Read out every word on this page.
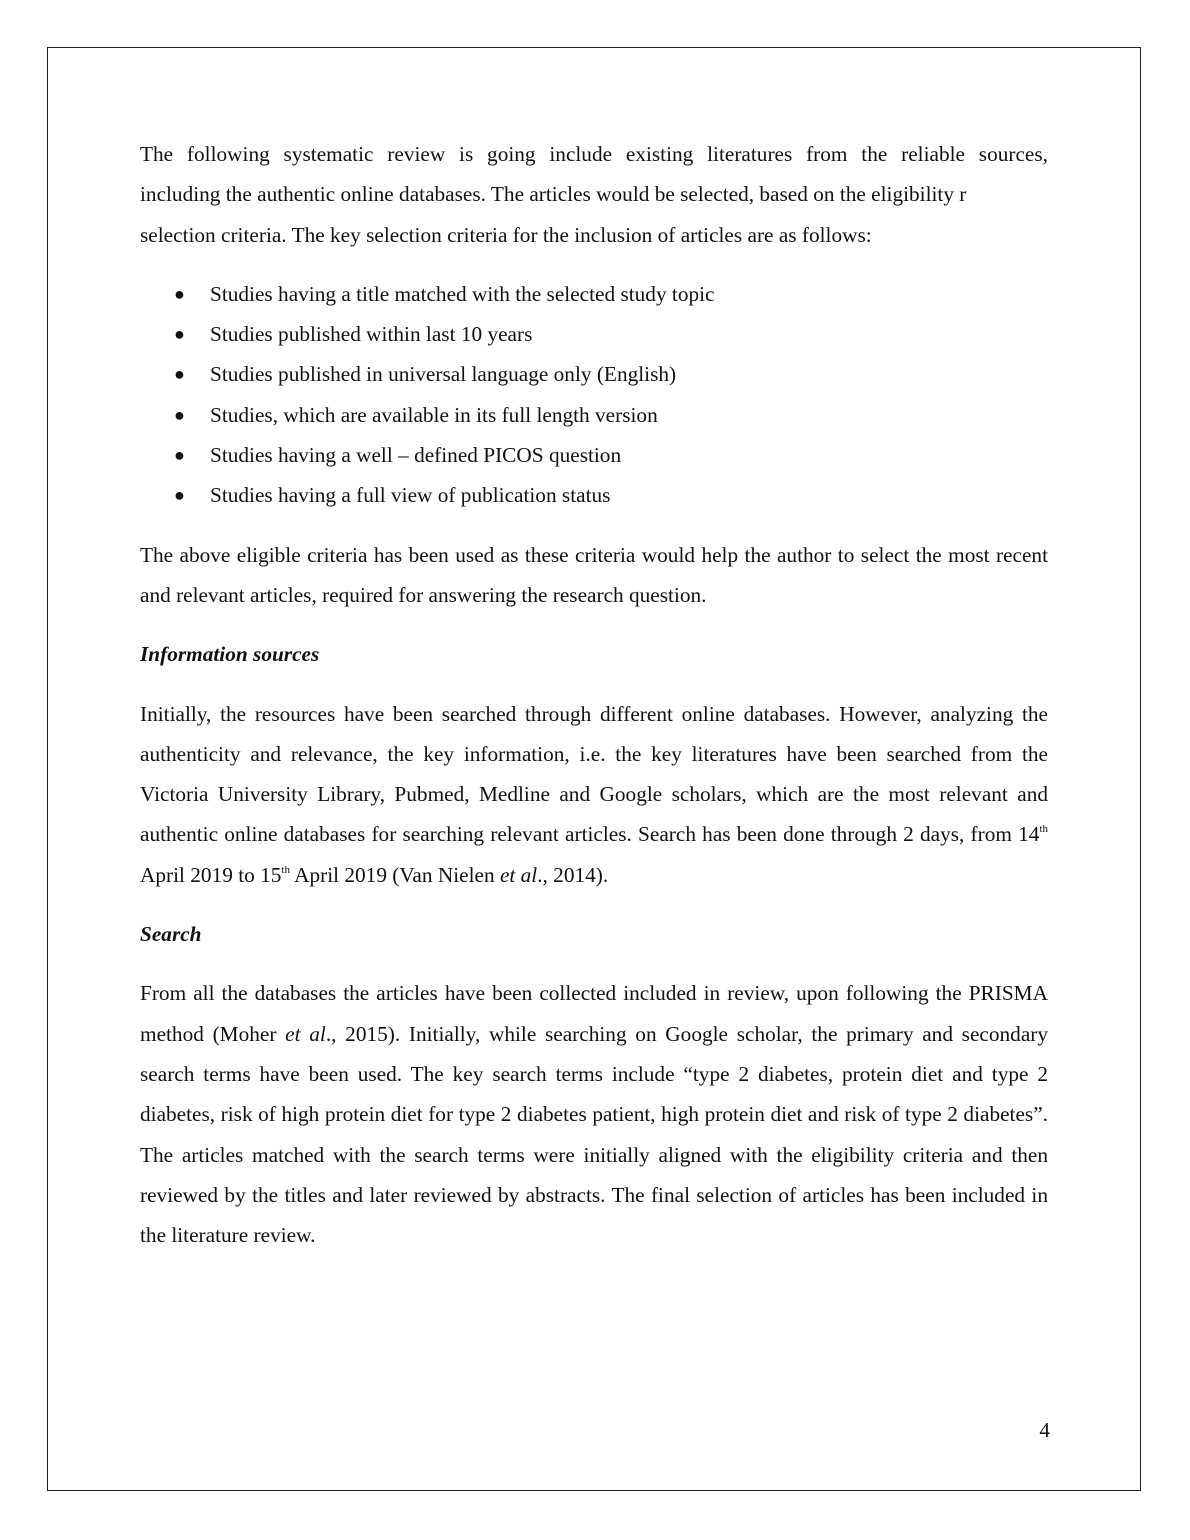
The following systematic review is going include existing literatures from the reliable sources,
including the authentic online databases. The articles would be selected, based on the eligibility r
selection criteria. The key selection criteria for the inclusion of articles are as follows:

● Studies having a title matched with the selected study topic
● Studies published within last 10 years
● Studies published in universal language only (English)
● Studies, which are available in its full length version
● Studies having a well – defined PICOS question
● Studies having a full view of publication status

The above eligible criteria has been used as these criteria would help the author to select the most recent and relevant articles, required for answering the research question.

Information sources

Initially, the resources have been searched through different online databases. However, analyzing the authenticity and relevance, the key information, i.e. the key literatures have been searched from the Victoria University Library, Pubmed, Medline and Google scholars, which are the most relevant and authentic online databases for searching relevant articles. Search has been done through 2 days, from 14th April 2019 to 15th April 2019 (Van Nielen et al., 2014).

Search

From all the databases the articles have been collected included in review, upon following the PRISMA method (Moher et al., 2015). Initially, while searching on Google scholar, the primary and secondary search terms have been used. The key search terms include “type 2 diabetes, protein diet and type 2 diabetes, risk of high protein diet for type 2 diabetes patient, high protein diet and risk of type 2 diabetes”. The articles matched with the search terms were initially aligned with the eligibility criteria and then reviewed by the titles and later reviewed by abstracts. The final selection of articles has been included in the literature review.

4
